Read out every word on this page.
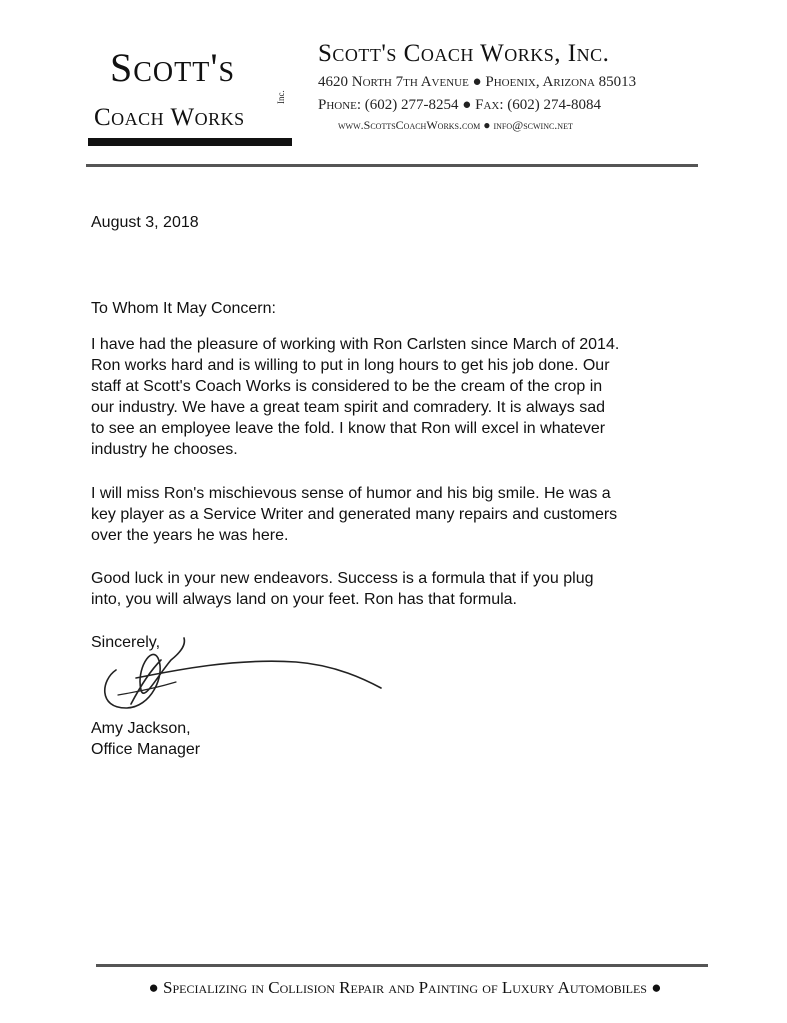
Scott's
Coach Works
Inc.
Scott's Coach Works, Inc.
4620 North 7th Avenue ● Phoenix, Arizona 85013
Phone: (602) 277-8254 ● Fax: (602) 274-8084
www.ScottsCoachWorks.com ● info@scwinc.net
August 3, 2018
To Whom It May Concern:

I have had the pleasure of working with Ron Carlsten since March of 2014.

Ron works hard and is willing to put in long hours to get his job done. Our

staff at Scott's Coach Works is considered to be the cream of the crop in

our industry. We have a great team spirit and comradery. It is always sad

to see an employee leave the fold. I know that Ron will excel in whatever

industry he chooses.

I will miss Ron's mischievous sense of humor and his big smile. He was a

key player as a Service Writer and generated many repairs and customers

over the years he was here.

Good luck in your new endeavors. Success is a formula that if you plug

into, you will always land on your feet. Ron has that formula.

Sincerely,
Amy Jackson,
Office Manager
● Specializing in Collision Repair and Painting of Luxury Automobiles ●
